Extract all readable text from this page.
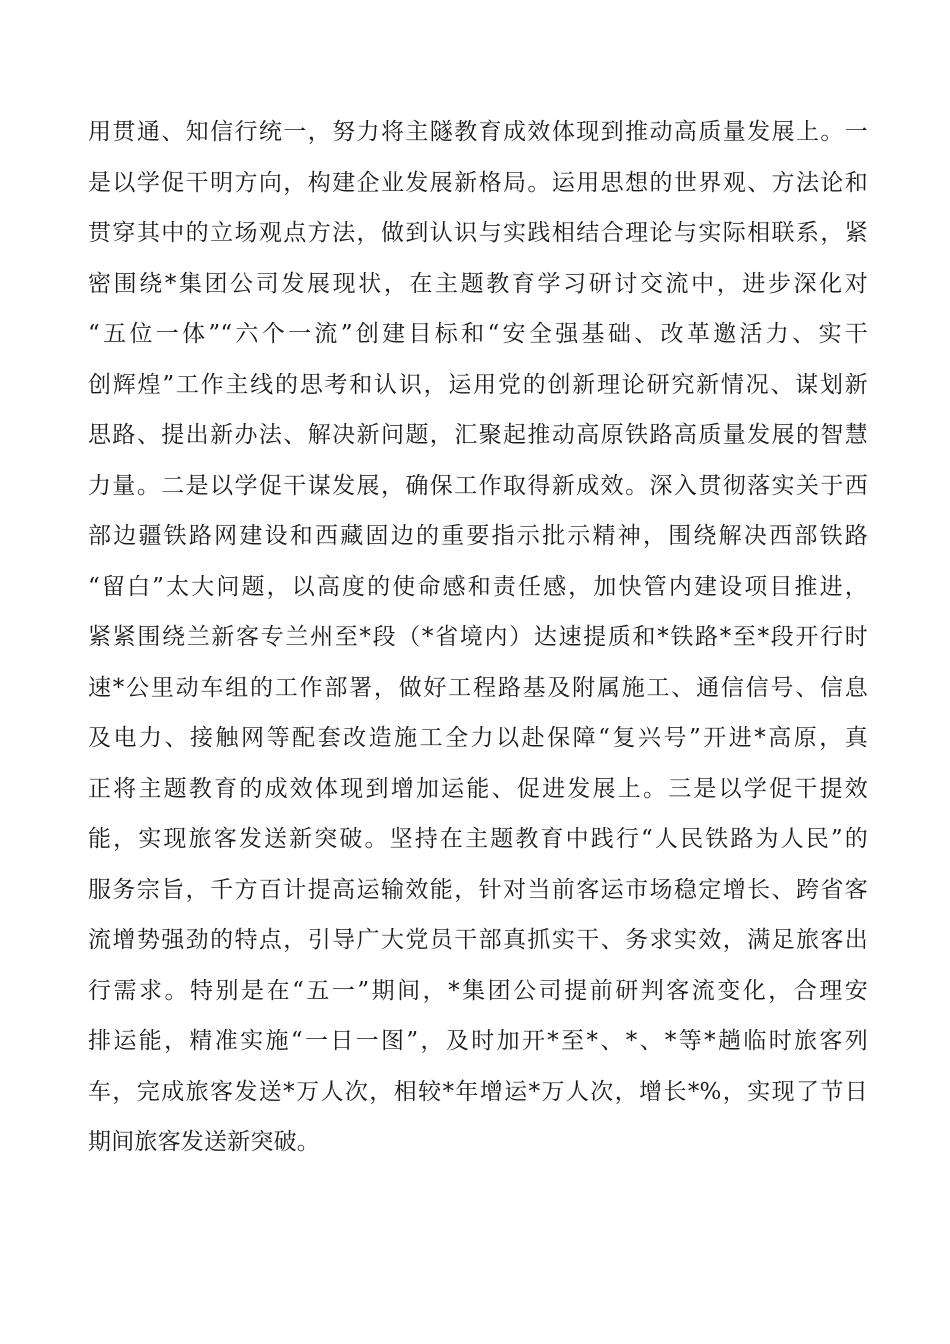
用贯通、知信行统一，努力将主隧教育成效体现到推动高质量发展上。一
是以学促干明方向，构建企业发展新格局。运用思想的世界观、方法论和
贯穿其中的立场观点方法，做到认识与实践相结合理论与实际相联系，紧
密围绕*集团公司发展现状，在主题教育学习研讨交流中，进步深化对
“五位一体”“六个一流”创建目标和“安全强基础、改革邀活力、实干
创辉煌”工作主线的思考和认识，运用党的创新理论研究新情况、谋划新
思路、提出新办法、解决新问题，汇聚起推动高原铁路高质量发展的智慧
力量。二是以学促干谋发展，确保工作取得新成效。深入贯彻落实关于西
部边疆铁路网建设和西藏固边的重要指示批示精神，围绕解决西部铁路
“留白”太大问题，以高度的使命感和责任感，加快管内建设项目推进，
紧紧围绕兰新客专兰州至*段（*省境内）达速提质和*铁路*至*段开行时
速*公里动车组的工作部署，做好工程路基及附属施工、通信信号、信息
及电力、接触网等配套改造施工全力以赴保障“复兴号”开进*高原，真
正将主题教育的成效体现到增加运能、促进发展上。三是以学促干提效
能，实现旅客发送新突破。坚持在主题教育中践行“人民铁路为人民”的
服务宗旨，千方百计提高运输效能，针对当前客运市场稳定增长、跨省客
流增势强劲的特点，引导广大党员干部真抓实干、务求实效，满足旅客出
行需求。特别是在“五一”期间，*集团公司提前研判客流变化，合理安
排运能，精准实施“一日一图”，及时加开*至*、*、*等*趟临时旅客列
车，完成旅客发送*万人次，相较*年增运*万人次，增长*%，实现了节日
期间旅客发送新突破。
